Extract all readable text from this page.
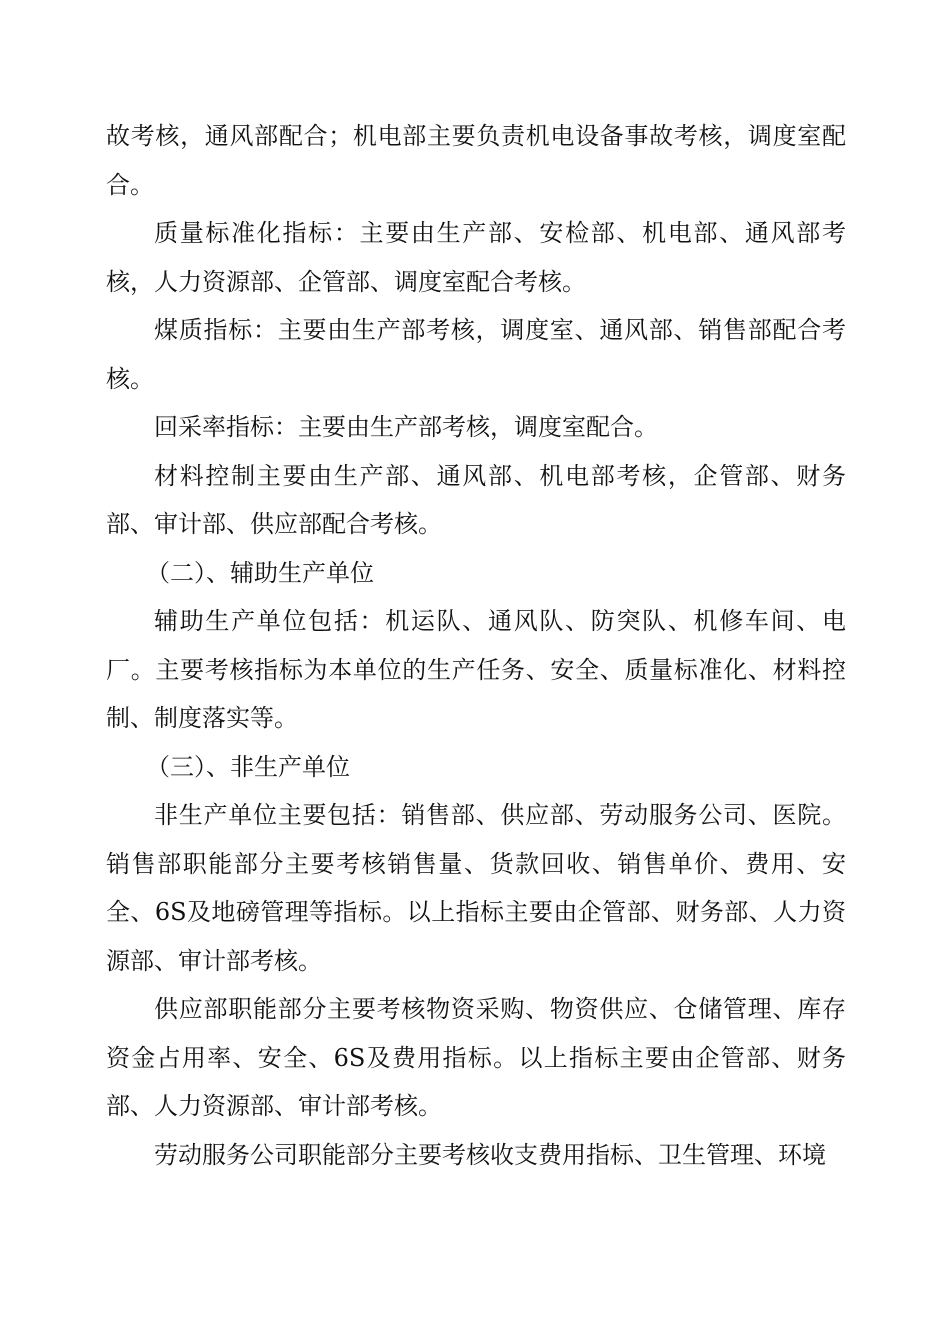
故考核，通风部配合；机电部主要负责机电设备事故考核，调度室配合。

质量标准化指标：主要由生产部、安检部、机电部、通风部考核，人力资源部、企管部、调度室配合考核。

煤质指标：主要由生产部考核，调度室、通风部、销售部配合考核。

回采率指标：主要由生产部考核，调度室配合。

材料控制主要由生产部、通风部、机电部考核，企管部、财务部、审计部、供应部配合考核。

（二）、辅助生产单位

辅助生产单位包括：机运队、通风队、防突队、机修车间、电厂。主要考核指标为本单位的生产任务、安全、质量标准化、材料控制、制度落实等。

（三）、非生产单位

非生产单位主要包括：销售部、供应部、劳动服务公司、医院。销售部职能部分主要考核销售量、货款回收、销售单价、费用、安全、6S及地磅管理等指标。以上指标主要由企管部、财务部、人力资源部、审计部考核。

供应部职能部分主要考核物资采购、物资供应、仓储管理、库存资金占用率、安全、6S及费用指标。以上指标主要由企管部、财务部、人力资源部、审计部考核。

劳动服务公司职能部分主要考核收支费用指标、卫生管理、环境
